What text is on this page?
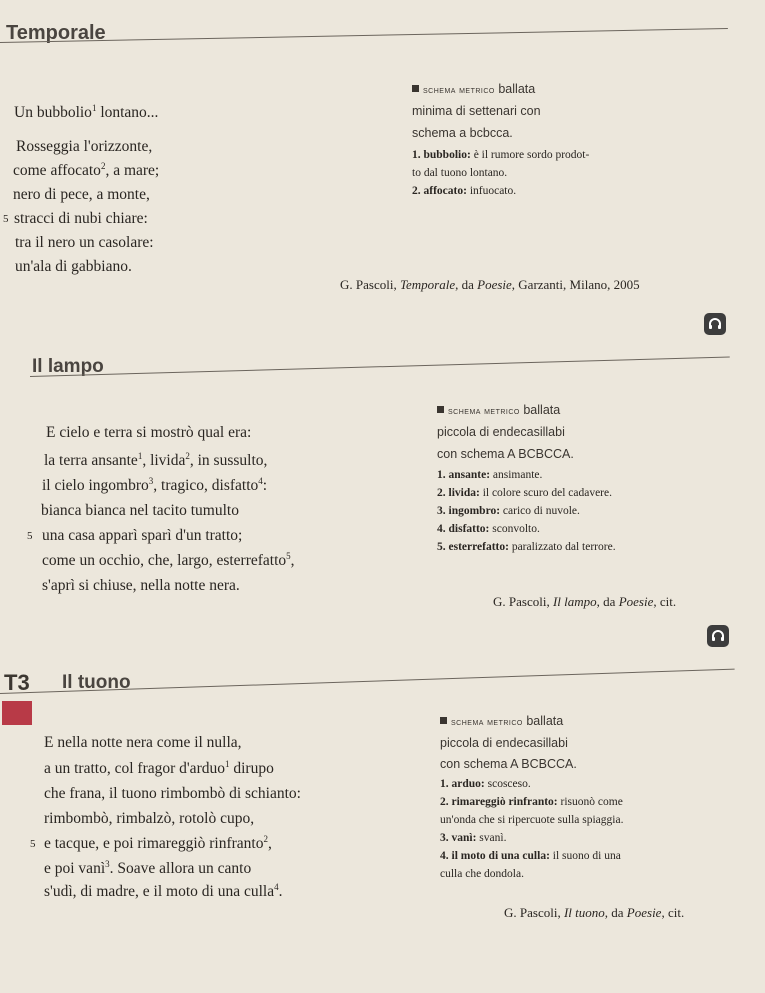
Temporale
Un bubbolio$^1$ lontano...
Rosseggia l'orizzonte,
come affocato$^2$, a mare;
nero di pece, a monte,
5 stracci di nubi chiare:
tra il nero un casolare:
un'ala di gabbiano.
schema metrico ballata
minima di settenari con
schema a bcbcca.
1. bubbolio: è il rumore sordo prodot-
to dal tuono lontano.
2. affocato: infuocato.
G. Pascoli, Temporale, da Poesie, Garzanti, Milano, 2005
Il lampo
E cielo e terra si mostrò qual era:
la terra ansante$^1$, livida$^2$, in sussulto,
il cielo ingombro$^3$, tragico, disfatto$^4$:
bianca bianca nel tacito tumulto
5 una casa apparì sparì d'un tratto;
come un occhio, che, largo, esterrefatto$^5$,
s'aprì si chiuse, nella notte nera.
schema metrico ballata
piccola di endecasillabi
con schema A BCBCCA.
1. ansante: ansimante.
2. livida: il colore scuro del cadavere.
3. ingombro: carico di nuvole.
4. disfatto: sconvolto.
5. esterrefatto: paralizzato dal terrore.
G. Pascoli, Il lampo, da Poesie, cit.
T3 Il tuono
E nella notte nera come il nulla,
a un tratto, col fragor d'arduo$^1$ dirupo
che frana, il tuono rimbombò di schianto:
rimbombò, rimbalzò, rotolò cupo,
5 e tacque, e poi rimareggiò rinfranto$^2$,
e poi vanì$^3$. Soave allora un canto
s'udì, di madre, e il moto di una culla$^4$.
schema metrico ballata
piccola di endecasillabi
con schema A BCBCCA.
1. arduo: scosceso.
2. rimareggiò rinfranto: risuonò come
un'onda che si ripercuote sulla spiaggia.
3. vanì: svanì.
4. il moto di una culla: il suono di una
culla che dondola.
G. Pascoli, Il tuono, da Poesie, cit.
